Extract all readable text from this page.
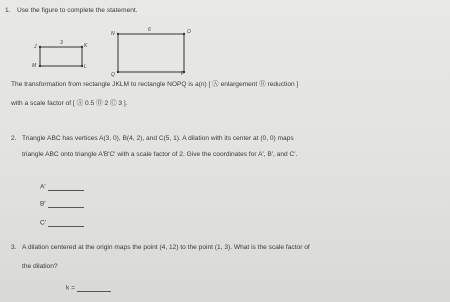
1. Use the figure to complete the statement.
J	K
M	L
3
N	O
Q	P
6
The transformation from rectangle JKLM to rectangle NOPQ is a(n) [ Ⓐ enlargement Ⓑ reduction ]
with a scale factor of [ Ⓐ 0.5 Ⓑ 2 Ⓒ 3 ].
2. Triangle ABC has vertices A(3, 0), B(4, 2), and C(5, 1). A dilation with its center at (0, 0) maps
triangle ABC onto triangle A′B′C′ with a scale factor of 2. Give the coordinates for A′, B′, and C′.
A′
B′
C′
3. A dilation centered at the origin maps the point (4, 12) to the point (1, 3). What is the scale factor of
the dilation?
k =
